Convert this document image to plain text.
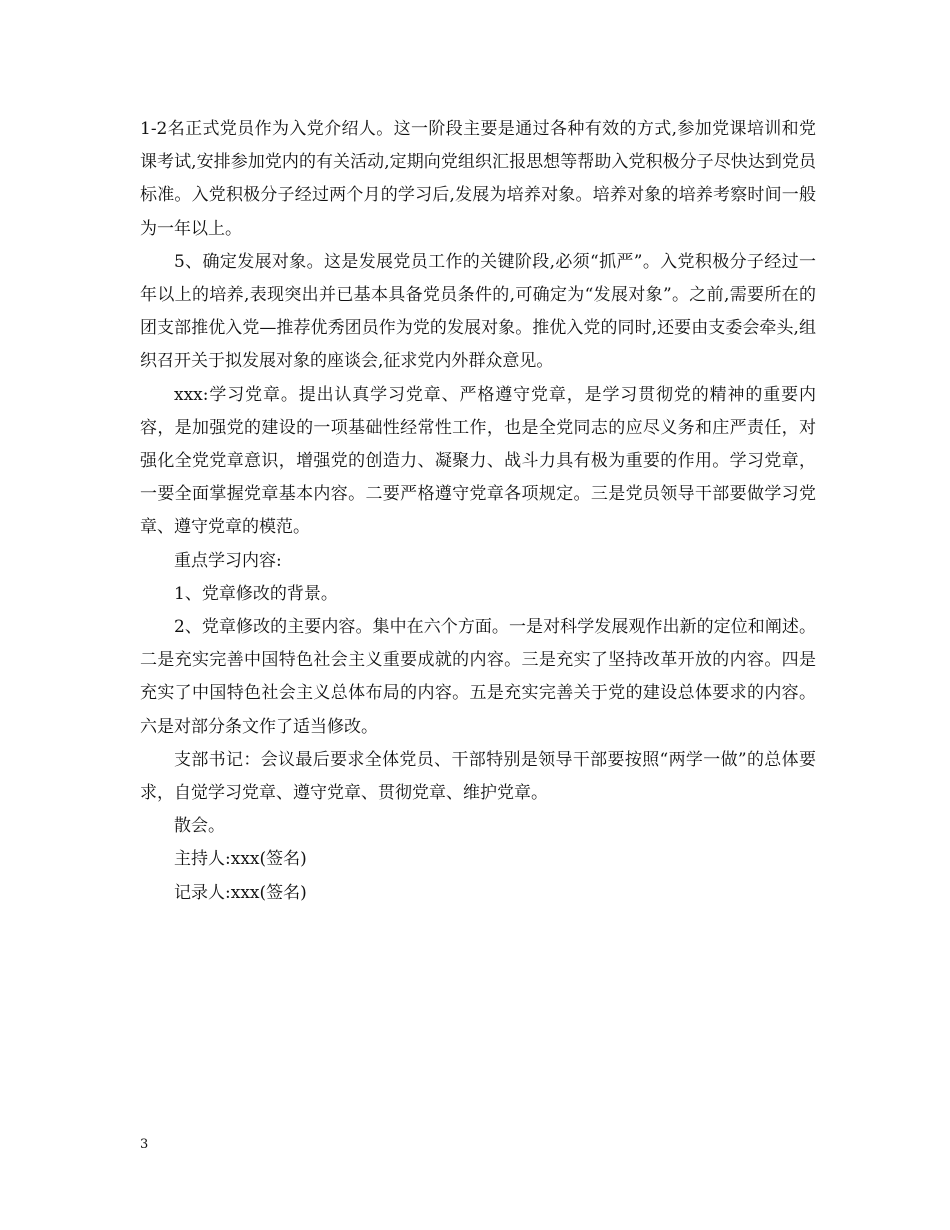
1-2名正式党员作为入党介绍人。这一阶段主要是通过各种有效的方式,参加党课培训和党课考试,安排参加党内的有关活动,定期向党组织汇报思想等帮助入党积极分子尽快达到党员标准。入党积极分子经过两个月的学习后,发展为培养对象。培养对象的培养考察时间一般为一年以上。

5、确定发展对象。这是发展党员工作的关键阶段,必须“抓严”。入党积极分子经过一年以上的培养,表现突出并已基本具备党员条件的,可确定为“发展对象”。之前,需要所在的团支部推优入党—推荐优秀团员作为党的发展对象。推优入党的同时,还要由支委会牵头,组织召开关于拟发展对象的座谈会,征求党内外群众意见。

xxx:学习党章。提出认真学习党章、严格遵守党章，是学习贯彻党的精神的重要内容，是加强党的建设的一项基础性经常性工作，也是全党同志的应尽义务和庄严责任，对强化全党党章意识，增强党的创造力、凝聚力、战斗力具有极为重要的作用。学习党章，一要全面掌握党章基本内容。二要严格遵守党章各项规定。三是党员领导干部要做学习党章、遵守党章的模范。

重点学习内容:

1、党章修改的背景。

2、党章修改的主要内容。集中在六个方面。一是对科学发展观作出新的定位和阐述。二是充实完善中国特色社会主义重要成就的内容。三是充实了坚持改革开放的内容。四是充实了中国特色社会主义总体布局的内容。五是充实完善关于党的建设总体要求的内容。六是对部分条文作了适当修改。

支部书记：会议最后要求全体党员、干部特别是领导干部要按照“两学一做”的总体要求，自觉学习党章、遵守党章、贯彻党章、维护党章。

散会。

主持人:xxx(签名)

记录人:xxx(签名)

3
